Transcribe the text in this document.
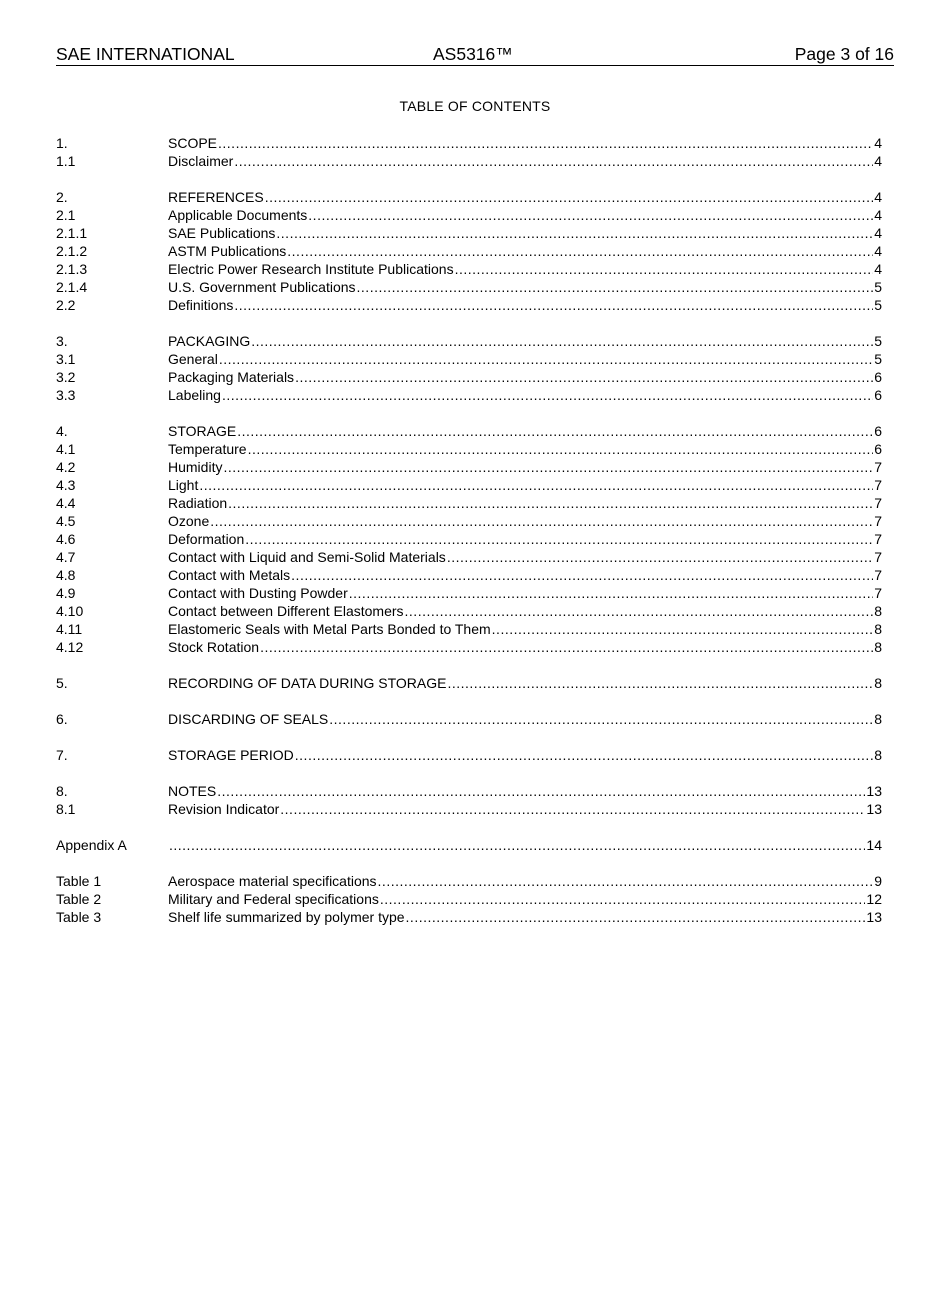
SAE INTERNATIONAL	AS5316™	Page 3 of 16
TABLE OF CONTENTS
1.	SCOPE .....	4
1.1	Disclaimer .....	4
2.	REFERENCES .....	4
2.1	Applicable Documents .....	4
2.1.1	SAE Publications .....	4
2.1.2	ASTM Publications .....	4
2.1.3	Electric Power Research Institute Publications .....	4
2.1.4	U.S. Government Publications .....	5
2.2	Definitions .....	5
3.	PACKAGING .....	5
3.1	General .....	5
3.2	Packaging Materials .....	6
3.3	Labeling .....	6
4.	STORAGE .....	6
4.1	Temperature .....	6
4.2	Humidity .....	7
4.3	Light .....	7
4.4	Radiation .....	7
4.5	Ozone .....	7
4.6	Deformation .....	7
4.7	Contact with Liquid and Semi-Solid Materials .....	7
4.8	Contact with Metals .....	7
4.9	Contact with Dusting Powder .....	7
4.10	Contact between Different Elastomers .....	8
4.11	Elastomeric Seals with Metal Parts Bonded to Them .....	8
4.12	Stock Rotation .....	8
5.	RECORDING OF DATA DURING STORAGE .....	8
6.	DISCARDING OF SEALS .....	8
7.	STORAGE PERIOD .....	8
8.	NOTES .....	13
8.1	Revision Indicator .....	13
Appendix A .....	14
Table 1	Aerospace material specifications .....	9
Table 2	Military and Federal specifications .....	12
Table 3	Shelf life summarized by polymer type .....	13
